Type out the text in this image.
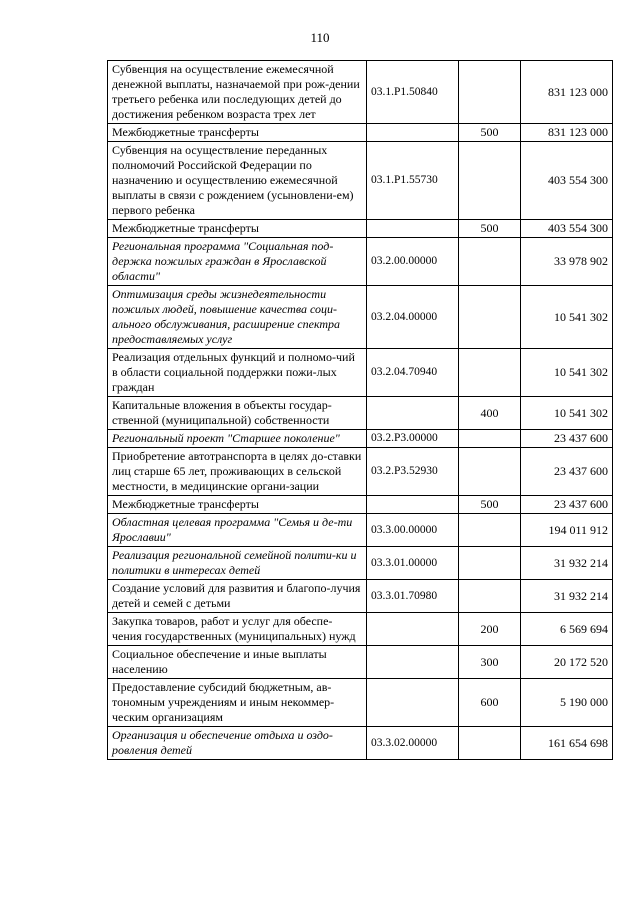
110
Субвенция на осуществление ежемесячной денежной выплаты, назначаемой при рож-дении третьего ребенка или последующих детей до достижения ребенком возраста трех лет	03.1.P1.50840		831 123 000
Межбюджетные трансферты		500	831 123 000
Субвенция на осуществление переданных полномочий Российской Федерации по назначению и осуществлению ежемесячной выплаты в связи с рождением (усыновлени-ем) первого ребенка	03.1.P1.55730		403 554 300
Межбюджетные трансферты		500	403 554 300
Региональная программа "Социальная под-держка пожилых граждан в Ярославской области"	03.2.00.00000		33 978 902
Оптимизация среды жизнедеятельности пожилых людей, повышение качества соци-ального обслуживания, расширение спектра предоставляемых услуг	03.2.04.00000		10 541 302
Реализация отдельных функций и полномо-чий в области социальной поддержки пожи-лых граждан	03.2.04.70940		10 541 302
Капитальные вложения в объекты государ-ственной (муниципальной) собственности		400	10 541 302
Региональный проект "Старшее поколение"	03.2.P3.00000		23 437 600
Приобретение автотранспорта в целях до-ставки лиц старше 65 лет, проживающих в сельской местности, в медицинские органи-зации	03.2.P3.52930		23 437 600
Межбюджетные трансферты		500	23 437 600
Областная целевая программа "Семья и де-ти Ярославии"	03.3.00.00000		194 011 912
Реализация региональной семейной полити-ки и политики в интересах детей	03.3.01.00000		31 932 214
Создание условий для развития и благопо-лучия детей и семей с детьми	03.3.01.70980		31 932 214
Закупка товаров, работ и услуг для обеспе-чения государственных (муниципальных) нужд		200	6 569 694
Социальное обеспечение и иные выплаты населению		300	20 172 520
Предоставление субсидий бюджетным, ав-тономным учреждениям и иным некоммер-ческим организациям		600	5 190 000
Организация и обеспечение отдыха и оздо-ровления детей	03.3.02.00000		161 654 698
